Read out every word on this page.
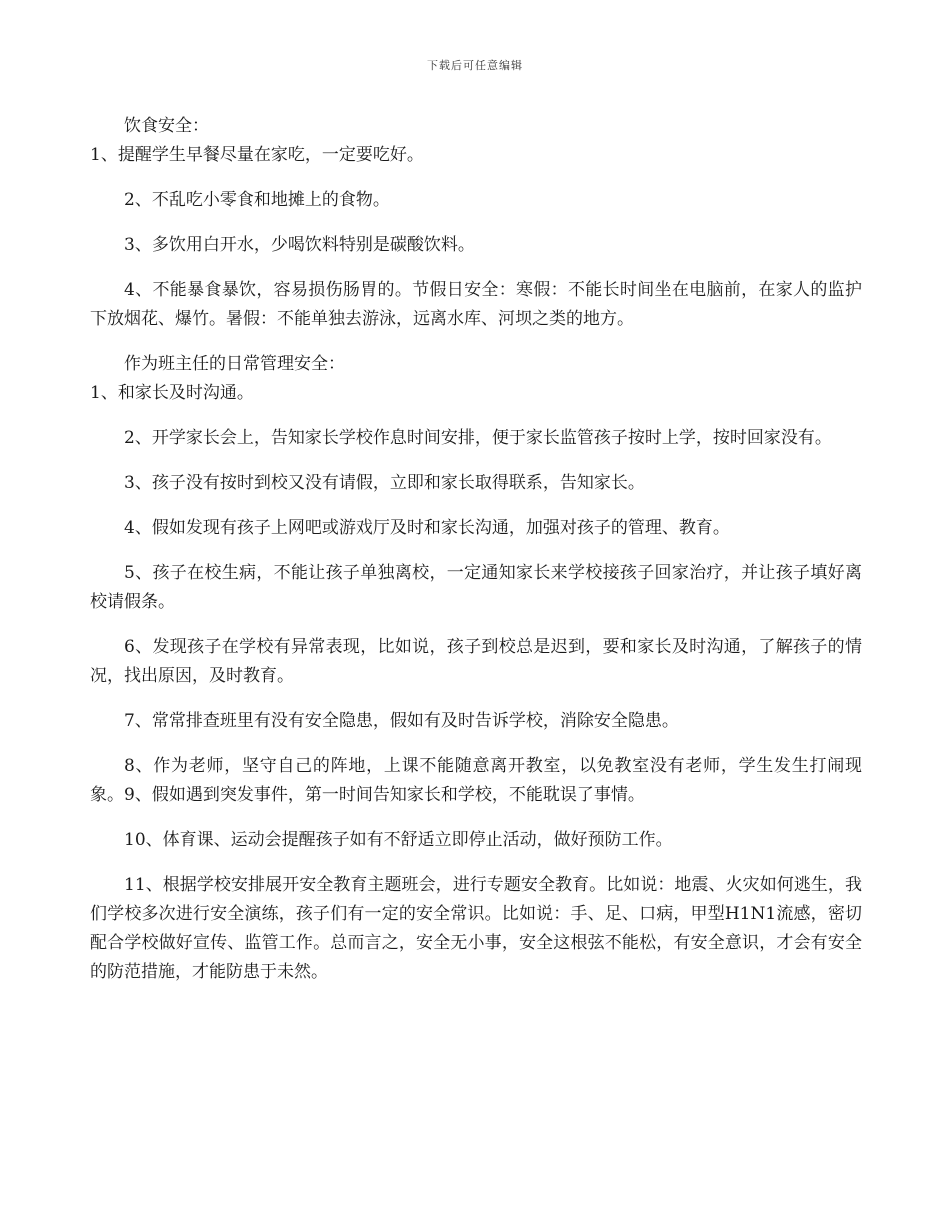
下载后可任意编辑

饮食安全：

1、提醒学生早餐尽量在家吃，一定要吃好。

2、不乱吃小零食和地摊上的食物。

3、多饮用白开水，少喝饮料特别是碳酸饮料。

4、不能暴食暴饮，容易损伤肠胃的。节假日安全：寒假：不能长时间坐在电脑前，在家人的监护下放烟花、爆竹。暑假：不能单独去游泳，远离水库、河坝之类的地方。

作为班主任的日常管理安全：

1、和家长及时沟通。

2、开学家长会上，告知家长学校作息时间安排，便于家长监管孩子按时上学，按时回家没有。

3、孩子没有按时到校又没有请假，立即和家长取得联系，告知家长。

4、假如发现有孩子上网吧或游戏厅及时和家长沟通，加强对孩子的管理、教育。

5、孩子在校生病，不能让孩子单独离校，一定通知家长来学校接孩子回家治疗，并让孩子填好离校请假条。

6、发现孩子在学校有异常表现，比如说，孩子到校总是迟到，要和家长及时沟通，了解孩子的情况，找出原因，及时教育。

7、常常排查班里有没有安全隐患，假如有及时告诉学校，消除安全隐患。

8、作为老师，坚守自己的阵地，上课不能随意离开教室，以免教室没有老师，学生发生打闹现象。9、假如遇到突发事件，第一时间告知家长和学校，不能耽误了事情。

10、体育课、运动会提醒孩子如有不舒适立即停止活动，做好预防工作。

11、根据学校安排展开安全教育主题班会，进行专题安全教育。比如说：地震、火灾如何逃生，我们学校多次进行安全演练，孩子们有一定的安全常识。比如说：手、足、口病，甲型H1N1流感，密切配合学校做好宣传、监管工作。总而言之，安全无小事，安全这根弦不能松，有安全意识，才会有安全的防范措施，才能防患于未然。
